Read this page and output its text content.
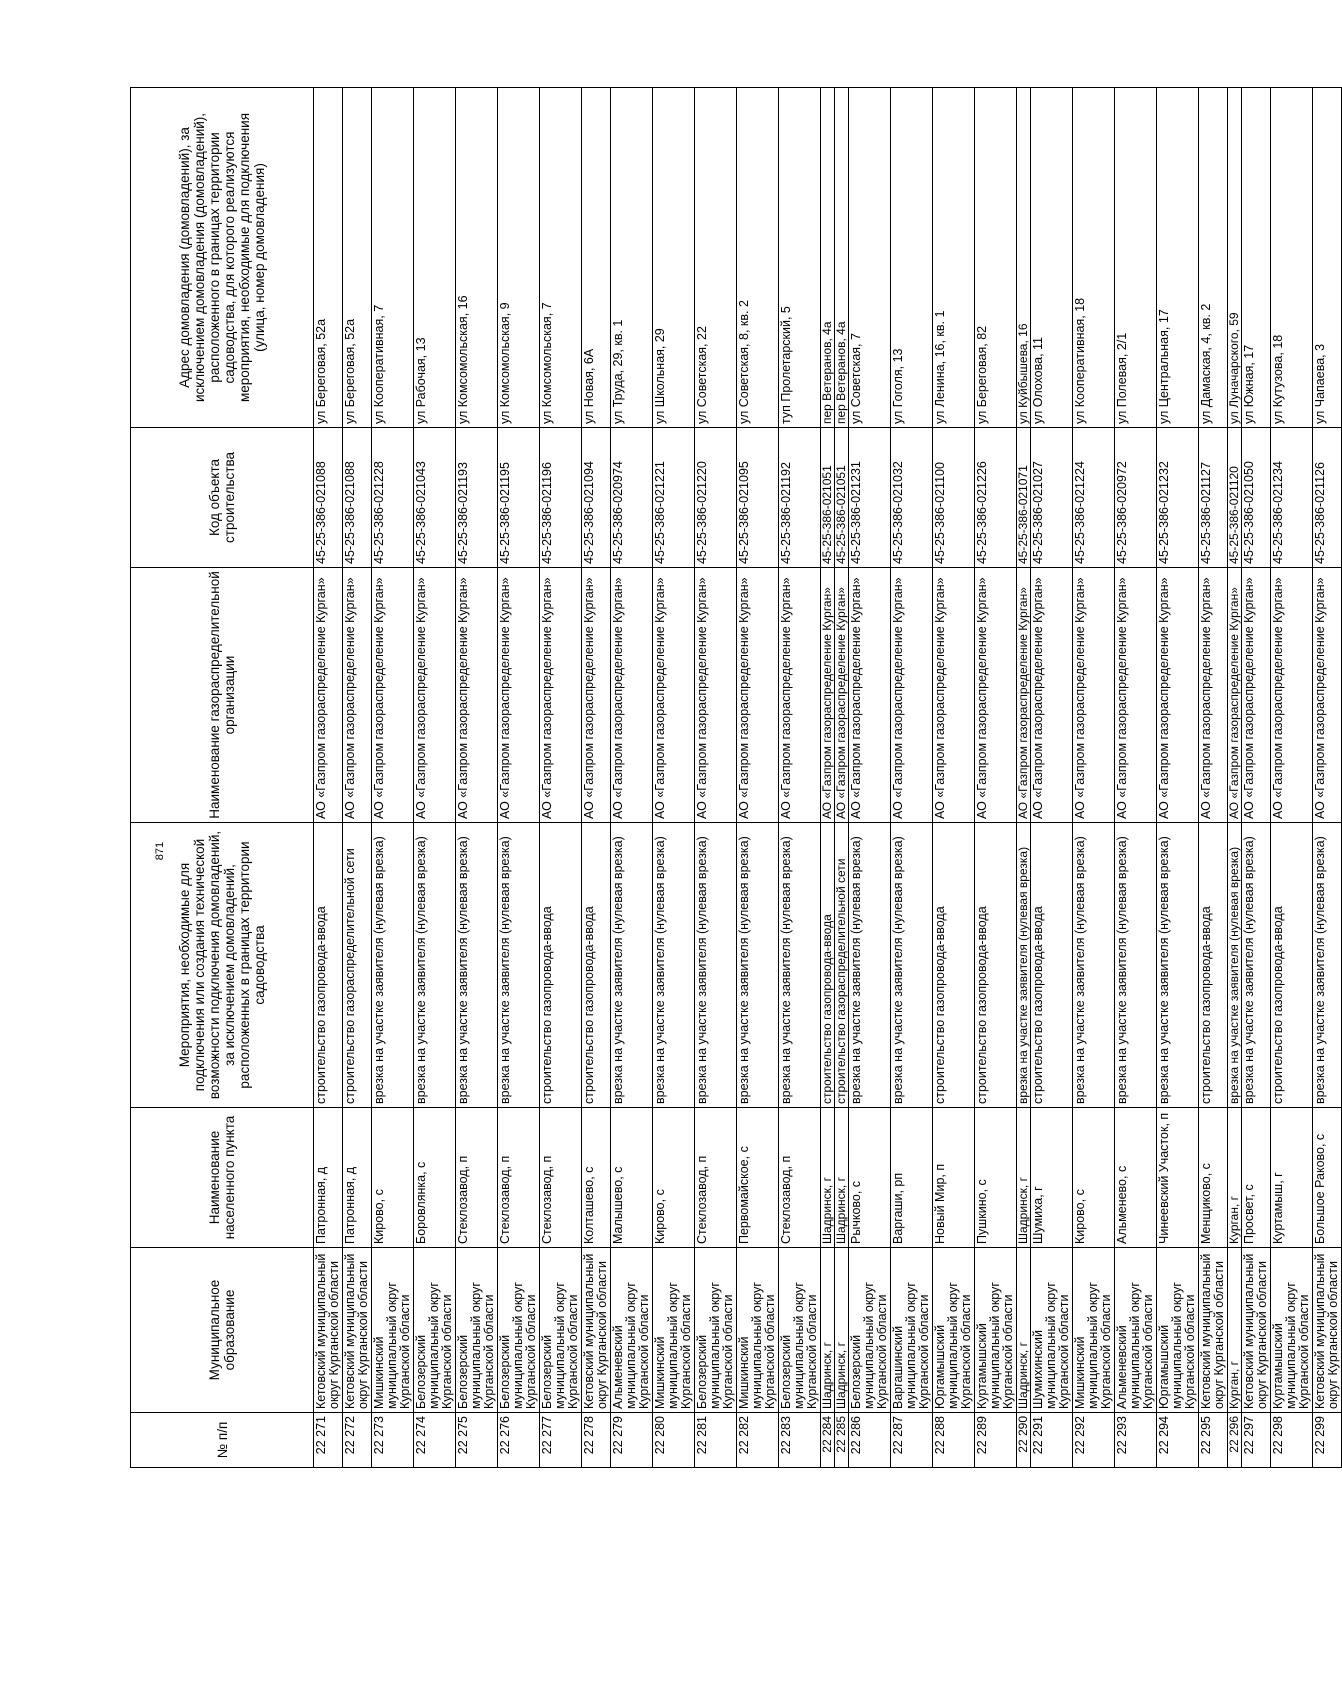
871
№ п/п	Муниципальное образование	Наименование населенного пункта	Мероприятия, необходимые для подключения или создания технической возможности подключения домовладений, за исключением домовладений, расположенных в границах территории садоводства	Наименование газораспределительной организации	Код объекта строительства	Адрес домовладения (домовладений), за исключением домовладения (домовладений), расположенного в границах территории садоводства, для которого реализуются мероприятия, необходимые для подключения (улица, номер домовладения)
22 271	Кетовский муниципальный округ Курганской области	Патронная, д	строительство газопровода-ввода	АО «Газпром газораспределение Курган»	45-25-386-021088	ул Береговая, 52а
22 272	Кетовский муниципальный округ Курганской области	Патронная, д	строительство газораспределительной сети	АО «Газпром газораспределение Курган»	45-25-386-021088	ул Береговая, 52а
22 273	Мишкинский муниципальный округ Курганской области	Кирово, с	врезка на участке заявителя (нулевая врезка)	АО «Газпром газораспределение Курган»	45-25-386-021228	ул Кооперативная, 7
22 274	Белозерский муниципальный округ Курганской области	Боровлянка, с	врезка на участке заявителя (нулевая врезка)	АО «Газпром газораспределение Курган»	45-25-386-021043	ул Рабочая, 13
22 275	Белозерский муниципальный округ Курганской области	Стеклозавод, п	врезка на участке заявителя (нулевая врезка)	АО «Газпром газораспределение Курган»	45-25-386-021193	ул Комсомольская, 16
22 276	Белозерский муниципальный округ Курганской области	Стеклозавод, п	врезка на участке заявителя (нулевая врезка)	АО «Газпром газораспределение Курган»	45-25-386-021195	ул Комсомольская, 9
22 277	Белозерский муниципальный округ Курганской области	Стеклозавод, п	строительство газопровода-ввода	АО «Газпром газораспределение Курган»	45-25-386-021196	ул Комсомольская, 7
22 278	Кетовский муниципальный округ Курганской области	Колташево, с	строительство газопровода-ввода	АО «Газпром газораспределение Курган»	45-25-386-021094	ул Новая, 6А
22 279	Альменевский муниципальный округ Курганской области	Малышево, с	врезка на участке заявителя (нулевая врезка)	АО «Газпром газораспределение Курган»	45-25-386-020974	ул Труда, 29, кв. 1
22 280	Мишкинский муниципальный округ Курганской области	Кирово, с	врезка на участке заявителя (нулевая врезка)	АО «Газпром газораспределение Курган»	45-25-386-021221	ул Школьная, 29
22 281	Белозерский муниципальный округ Курганской области	Стеклозавод, п	врезка на участке заявителя (нулевая врезка)	АО «Газпром газораспределение Курган»	45-25-386-021220	ул Советская, 22
22 282	Мишкинский муниципальный округ Курганской области	Первомайское, с	врезка на участке заявителя (нулевая врезка)	АО «Газпром газораспределение Курган»	45-25-386-021095	ул Советская, 8, кв. 2
22 283	Белозерский муниципальный округ Курганской области	Стеклозавод, п	врезка на участке заявителя (нулевая врезка)	АО «Газпром газораспределение Курган»	45-25-386-021192	туп Пролетарский, 5
22 284	Шадринск, г	Шадринск, г	строительство газопровода-ввода	АО «Газпром газораспределение Курган»	45-25-386-021051	пер Ветеранов, 4а
22 285	Шадринск, г	Шадринск, г	строительство газораспределительной сети	АО «Газпром газораспределение Курган»	45-25-386-021051	пер Ветеранов, 4а
22 286	Белозерский муниципальный округ Курганской области	Рычково, с	врезка на участке заявителя (нулевая врезка)	АО «Газпром газораспределение Курган»	45-25-386-021231	ул Советская, 7
22 287	Варгашинский муниципальный округ Курганской области	Варгаши, рп	врезка на участке заявителя (нулевая врезка)	АО «Газпром газораспределение Курган»	45-25-386-021032	ул Гоголя, 13
22 288	Юргамышский муниципальный округ Курганской области	Новый Мир, п	строительство газопровода-ввода	АО «Газпром газораспределение Курган»	45-25-386-021100	ул Ленина, 16, кв. 1
22 289	Куртамышский муниципальный округ Курганской области	Пушкино, с	строительство газопровода-ввода	АО «Газпром газораспределение Курган»	45-25-386-021226	ул Береговая, 82
22 290	Шадринск, г	Шадринск, г	врезка на участке заявителя (нулевая врезка)	АО «Газпром газораспределение Курган»	45-25-386-021071	ул Куйбышева, 16
22 291	Шумихинский муниципальный округ Курганской области	Шумиха, г	строительство газопровода-ввода	АО «Газпром газораспределение Курган»	45-25-386-021027	ул Олохова, 11
22 292	Мишкинский муниципальный округ Курганской области	Кирово, с	врезка на участке заявителя (нулевая врезка)	АО «Газпром газораспределение Курган»	45-25-386-021224	ул Кооперативная, 18
22 293	Альменевский муниципальный округ Курганской области	Альменево, с	врезка на участке заявителя (нулевая врезка)	АО «Газпром газораспределение Курган»	45-25-386-020972	ул Полевая, 2/1
22 294	Юргамышский муниципальный округ Курганской области	Чинеевский Участок, п	врезка на участке заявителя (нулевая врезка)	АО «Газпром газораспределение Курган»	45-25-386-021232	ул Центральная, 17
22 295	Кетовский муниципальный округ Курганской области	Менщиково, с	строительство газопровода-ввода	АО «Газпром газораспределение Курган»	45-25-386-021127	ул Дамаская, 4, кв. 2
22 296	Курган, г	Курган, г	врезка на участке заявителя (нулевая врезка)	АО «Газпром газораспределение Курган»	45-25-386-021120	ул Луначарского, 59
22 297	Кетовский муниципальный округ Курганской области	Просвет, с	врезка на участке заявителя (нулевая врезка)	АО «Газпром газораспределение Курган»	45-25-386-021050	ул Южная, 17
22 298	Куртамышский муниципальный округ Курганской области	Куртамыш, г	строительство газопровода-ввода	АО «Газпром газораспределение Курган»	45-25-386-021234	ул Кутузова, 18
22 299	Кетовский муниципальный округ Курганской области	Большое Раково, с	врезка на участке заявителя (нулевая врезка)	АО «Газпром газораспределение Курган»	45-25-386-021126	ул Чапаева, 3
